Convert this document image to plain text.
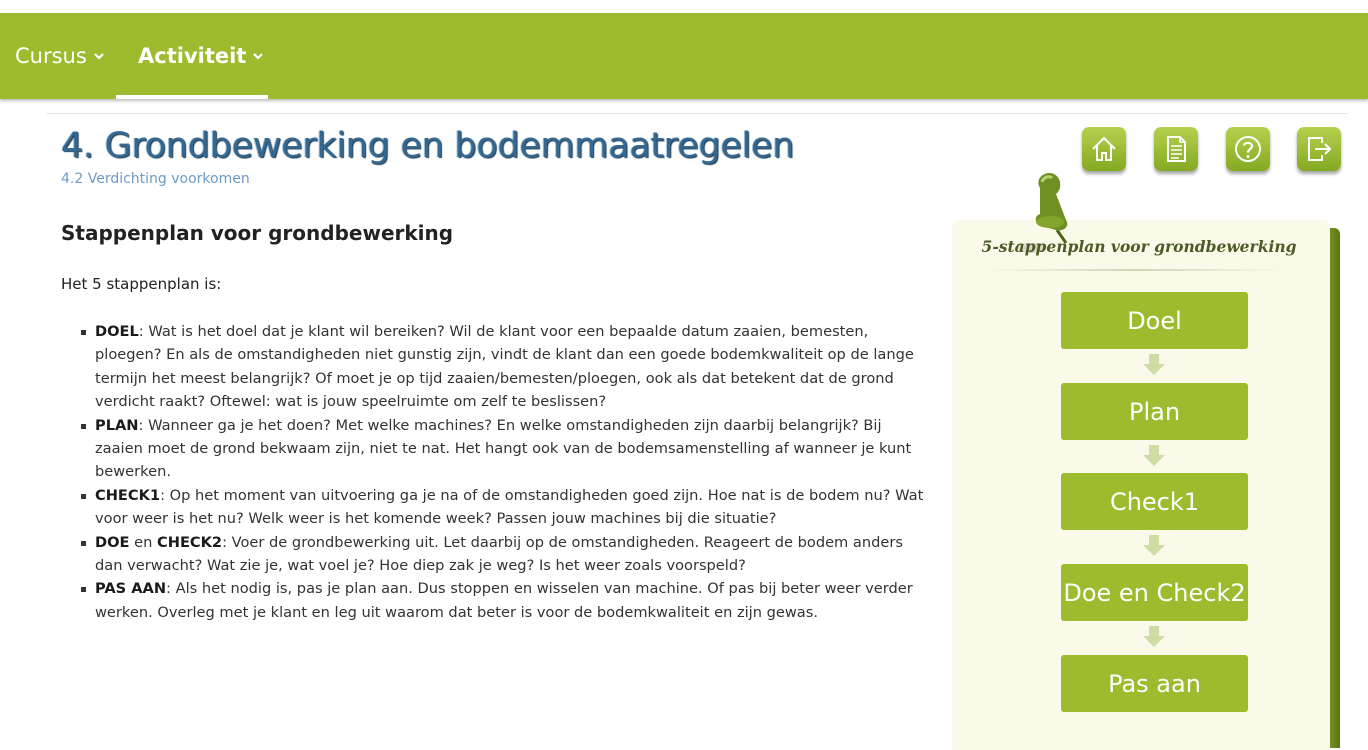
Cursus Activiteit
4. Grondbewerking en bodemmaatregelen
4.2 Verdichting voorkomen
Stappenplan voor grondbewerking
Het 5 stappenplan is:
DOEL: Wat is het doel dat je klant wil bereiken? Wil de klant voor een bepaalde datum zaaien, bemesten, ploegen? En als de omstandigheden niet gunstig zijn, vindt de klant dan een goede bodemkwaliteit op de lange termijn het meest belangrijk? Of moet je op tijd zaaien/bemesten/ploegen, ook als dat betekent dat de grond verdicht raakt? Oftewel: wat is jouw speelruimte om zelf te beslissen?
PLAN: Wanneer ga je het doen? Met welke machines? En welke omstandigheden zijn daarbij belangrijk? Bij zaaien moet de grond bekwaam zijn, niet te nat. Het hangt ook van de bodemsamenstelling af wanneer je kunt bewerken.
CHECK1: Op het moment van uitvoering ga je na of de omstandigheden goed zijn. Hoe nat is de bodem nu? Wat voor weer is het nu? Welk weer is het komende week? Passen jouw machines bij die situatie?
DOE en CHECK2: Voer de grondbewerking uit. Let daarbij op de omstandigheden. Reageert de bodem anders dan verwacht? Wat zie je, wat voel je? Hoe diep zak je weg? Is het weer zoals voorspeld?
PAS AAN: Als het nodig is, pas je plan aan. Dus stoppen en wisselen van machine. Of pas bij beter weer verder werken. Overleg met je klant en leg uit waarom dat beter is voor de bodemkwaliteit en zijn gewas.
5-stappenplan voor grondbewerking
Doel
Plan
Check1
Doe en Check2
Pas aan
